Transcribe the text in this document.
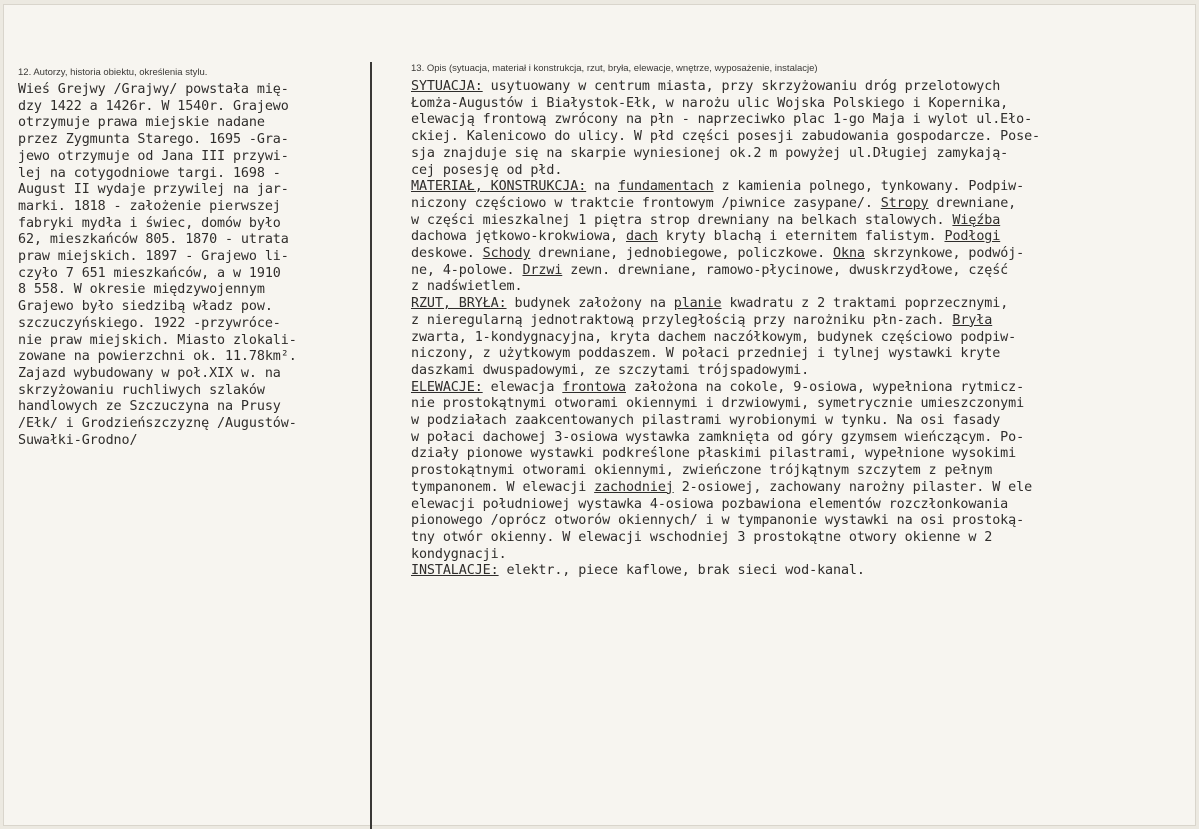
12. Autorzy, historia obiektu, określenia stylu.	13. Opis (sytuacja, materiał i konstrukcja, rzut, bryła, elewacje, wnętrze, wyposażenie, instalacje)
Wieś Grejwy /Grajwy/ powstała mię-
dzy 1422 a 1426r. W 1540r. Grajewo
otrzymuje prawa miejskie nadane
przez Zygmunta Starego. 1695 -Gra-
jewo otrzymuje od Jana III przywi-
lej na cotygodniowe targi. 1698 -
August II wydaje przywilej na jar-
marki. 1818 - założenie pierwszej
fabryki mydła i świec, domów było
62, mieszkańców 805. 1870 - utrata
praw miejskich. 1897 - Grajewo li-
czyło 7 651 mieszkańców, a w 1910
8 558. W okresie międzywojennym
Grajewo było siedzibą władz pow.
szczuczyńskiego. 1922 -przywróce-
nie praw miejskich. Miasto zlokali-
zowane na powierzchni ok. 11.78km².
Zajazd wybudowany w poł.XIX w. na
skrzyżowaniu ruchliwych szlaków
handlowych ze Szczuczyna na Prusy
/Ełk/ i Grodzieńszczyznę /Augustów-
Suwałki-Grodno/
SYTUACJA: usytuowany w centrum miasta, przy skrzyżowaniu dróg przelotowych
Łomża-Augustów i Białystok-Ełk, w narożu ulic Wojska Polskiego i Kopernika,
elewacją frontową zwrócony na płn - naprzeciwko plac 1-go Maja i wylot ul.Eło-
ckiej. Kalenicowo do ulicy. W płd części posesji zabudowania gospodarcze. Pose-
sja znajduje się na skarpie wyniesionej ok.2 m powyżej ul.Długiej zamykają-
cej posesję od płd.
MATERIAŁ, KONSTRUKCJA: na fundamentach z kamienia polnego, tynkowany. Podpiw-
niczony częściowo w traktcie frontowym /piwnice zasypane/. Stropy drewniane,
w części mieszkalnej 1 piętra strop drewniany na belkach stalowych. Więźba
dachowa jętkowo-krokwiowa, dach kryty blachą i eternitem falistym. Podłogi
deskowe. Schody drewniane, jednobiegowe, policzkowe. Okna skrzynkowe, podwój-
ne, 4-polowe. Drzwi zewn. drewniane, ramowo-płycinowe, dwuskrzydłowe, część
z nadświetlem.
RZUT, BRYŁA: budynek założony na planie kwadratu z 2 traktami poprzecznymi,
z nieregularną jednotraktową przyległością przy narożniku płn-zach. Bryła
zwarta, 1-kondygnacyjna, kryta dachem naczółkowym, budynek częściowo podpiw-
niczony, z użytkowym poddaszem. W połaci przedniej i tylnej wystawki kryte
daszkami dwuspadowymi, ze szczytami trójspadowymi.
ELEWACJE: elewacja frontowa założona na cokole, 9-osiowa, wypełniona rytmicz-
nie prostokątnymi otworami okiennymi i drzwiowymi, symetrycznie umieszczonymi
w podziałach zaakcentowanych pilastrami wyrobionymi w tynku. Na osi fasady
w połaci dachowej 3-osiowa wystawka zamknięta od góry gzymsem wieńczącym. Po-
działy pionowe wystawki podkreślone płaskimi pilastrami, wypełnione wysokimi
prostokątnymi otworami okiennymi, zwieńczone trójkątnym szczytem z pełnym
tympanonem. W elewacji zachodniej 2-osiowej, zachowany narożny pilaster. W ele
elewacji południowej wystawka 4-osiowa pozbawiona elementów rozczłonkowania
pionowego /oprócz otworów okiennych/ i w tympanonie wystawki na osi prostoką-
tny otwór okienny. W elewacji wschodniej 3 prostokątne otwory okienne w 2
kondygnacji.
INSTALACJE: elektr., piece kaflowe, brak sieci wod-kanal.
